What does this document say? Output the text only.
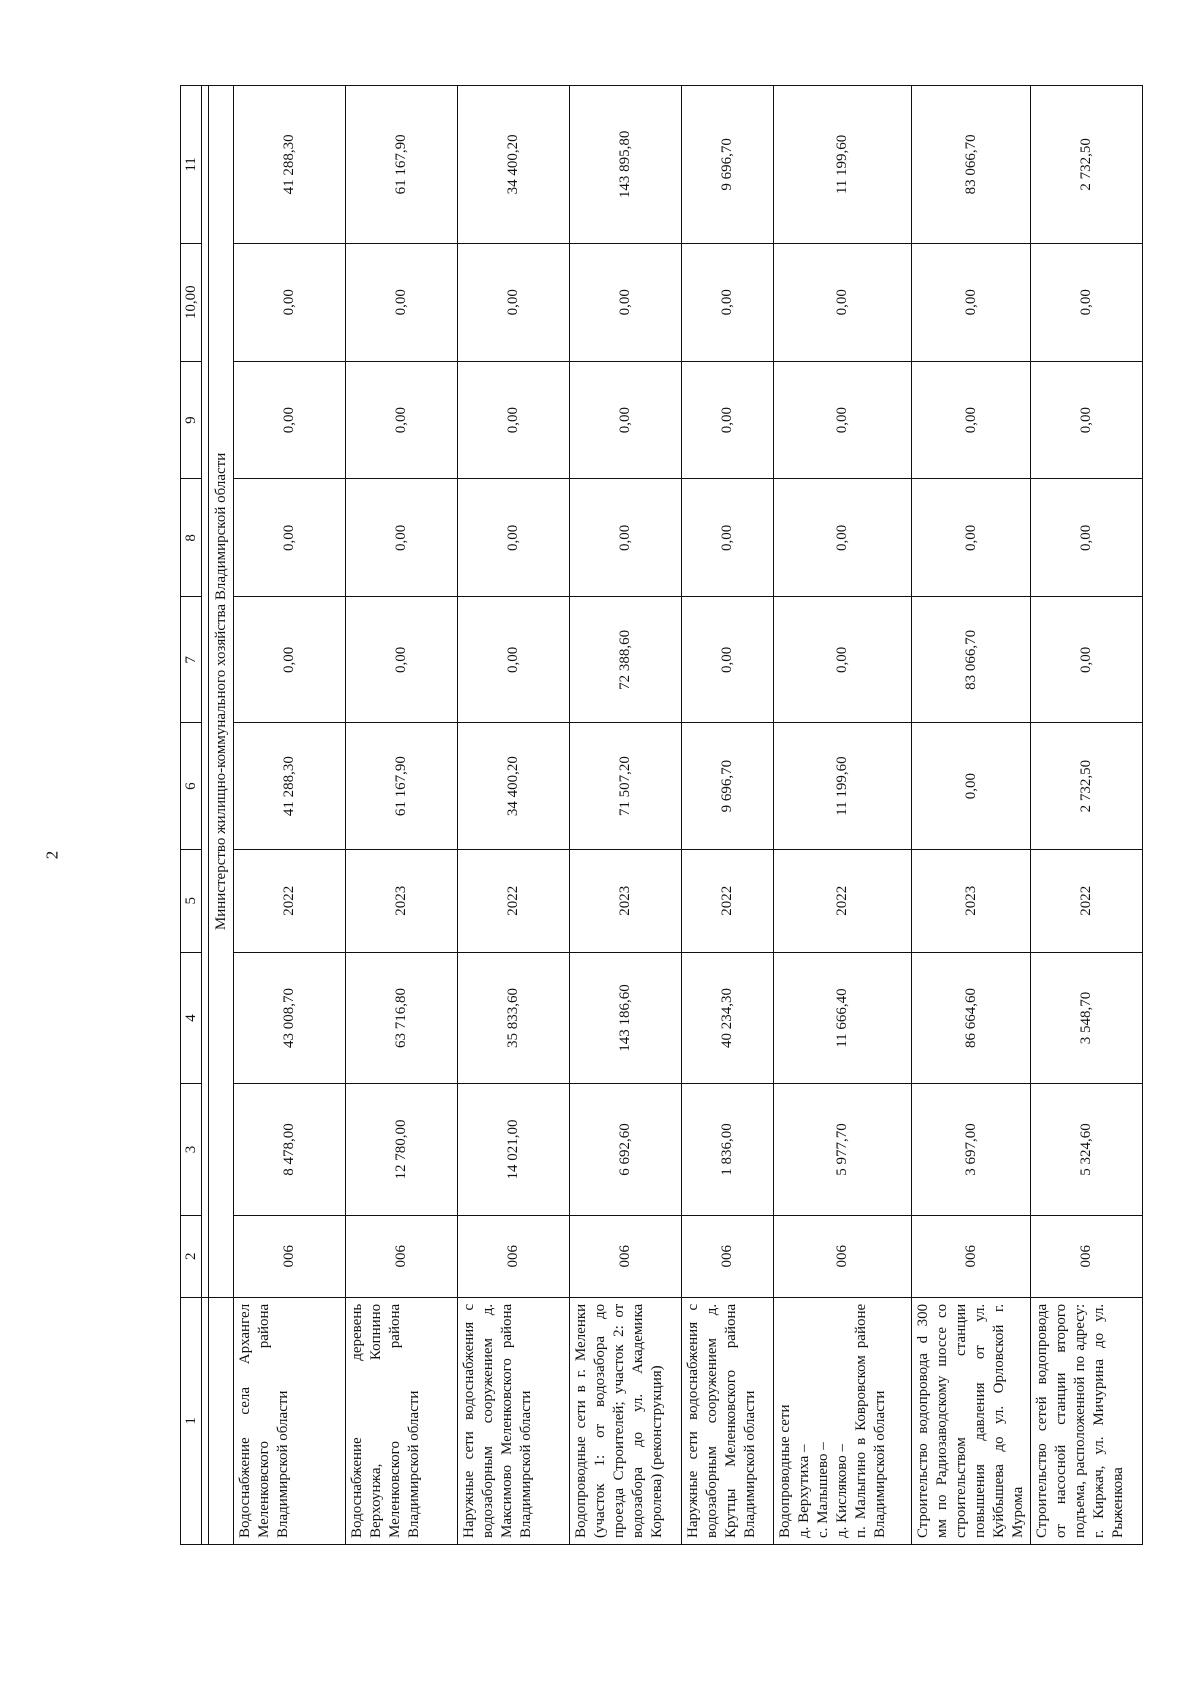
2
1	2	3	4	5	6	7	8	9	10,00	11

	Министерство жилищно-коммунального хозяйства Владимирской области									
Водоснабжение села Архангел Меленковского района Владимирской области	006	8 478,00	43 008,70	2022	41 288,30	0,00	0,00	0,00	0,00	41 288,30
Водоснабжение деревень Верхоунжа, Копнино Меленковского района Владимирской области	006	12 780,00	63 716,80	2023	61 167,90	0,00	0,00	0,00	0,00	61 167,90
Наружные сети водоснабжения с водозаборным сооружением д. Максимово Меленковского района Владимирской области	006	14 021,00	35 833,60	2022	34 400,20	0,00	0,00	0,00	0,00	34 400,20
Водопроводные сети в г. Меленки (участок 1: от водозабора до проезда Строителей; участок 2: от водозабора до ул. Академика Королева) (реконструкция)	006	6 692,60	143 186,60	2023	71 507,20	72 388,60	0,00	0,00	0,00	143 895,80
Наружные сети водоснабжения с водозаборным сооружением д. Крутцы Меленковского района Владимирской области	006	1 836,00	40 234,30	2022	9 696,70	0,00	0,00	0,00	0,00	9 696,70

Водопроводные сети д. Верхутиха – с. Малышево – д. Кисляково – п. Малыгино в Ковровском районе Владимирской области	006	5 977,70	11 666,40	2022	11 199,60	0,00	0,00	0,00	0,00	11 199,60
Строительство водопровода d 300 мм по Радиозаводскому шоссе со строительством станции повышения давления от ул. Куйбышева до ул. Орловской г. Мурома	006	3 697,00	86 664,60	2023	0,00	83 066,70	0,00	0,00	0,00	83 066,70
Строительство сетей водопровода от насосной станции второго подъема, расположенной по адресу: г. Киржач, ул. Мичурина до ул. Рыженкова	006	5 324,60	3 548,70	2022	2 732,50	0,00	0,00	0,00	0,00	2 732,50
